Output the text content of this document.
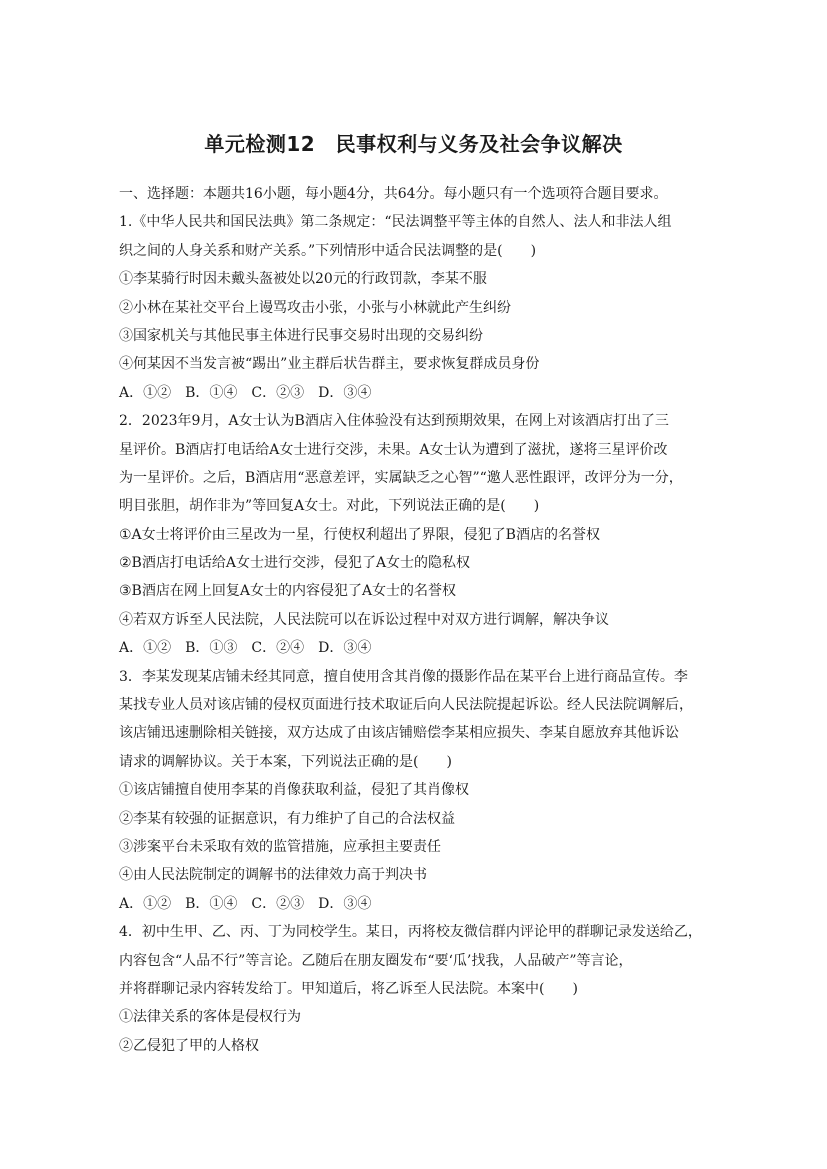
单元检测12　民事权利与义务及社会争议解决
一、选择题：本题共16小题，每小题4分，共64分。每小题只有一个选项符合题目要求。
1.《中华人民共和国民法典》第二条规定：“民法调整平等主体的自然人、法人和非法人组
织之间的人身关系和财产关系。”下列情形中适合民法调整的是(　　)
①李某骑行时因未戴头盔被处以20元的行政罚款，李某不服
②小林在某社交平台上谩骂攻击小张，小张与小林就此产生纠纷
③国家机关与其他民事主体进行民事交易时出现的交易纠纷
④何某因不当发言被“踢出”业主群后状告群主，要求恢复群成员身份
A．①②　B．①④　C．②③　D．③④
2．2023年9月，A女士认为B酒店入住体验没有达到预期效果，在网上对该酒店打出了三
星评价。B酒店打电话给A女士进行交涉，未果。A女士认为遭到了滋扰，遂将三星评价改
为一星评价。之后，B酒店用“恶意差评，实属缺乏之心智”“邀人恶性跟评，改评分为一分，
明目张胆，胡作非为”等回复A女士。对此，下列说法正确的是(　　)
①A女士将评价由三星改为一星，行使权利超出了界限，侵犯了B酒店的名誉权
②B酒店打电话给A女士进行交涉，侵犯了A女士的隐私权
③B酒店在网上回复A女士的内容侵犯了A女士的名誉权
④若双方诉至人民法院，人民法院可以在诉讼过程中对双方进行调解，解决争议
A．①②　B．①③　C．②④　D．③④
3．李某发现某店铺未经其同意，擅自使用含其肖像的摄影作品在某平台上进行商品宣传。李
某找专业人员对该店铺的侵权页面进行技术取证后向人民法院提起诉讼。经人民法院调解后，
该店铺迅速删除相关链接，双方达成了由该店铺赔偿李某相应损失、李某自愿放弃其他诉讼
请求的调解协议。关于本案，下列说法正确的是(　　)
①该店铺擅自使用李某的肖像获取利益，侵犯了其肖像权
②李某有较强的证据意识，有力维护了自己的合法权益
③涉案平台未采取有效的监管措施，应承担主要责任
④由人民法院制定的调解书的法律效力高于判决书
A．①②　B．①④　C．②③　D．③④
4．初中生甲、乙、丙、丁为同校学生。某日，丙将校友微信群内评论甲的群聊记录发送给乙，
内容包含“人品不行”等言论。乙随后在朋友圈发布“要‘瓜’找我，人品破产”等言论，
并将群聊记录内容转发给丁。甲知道后，将乙诉至人民法院。本案中(　　)
①法律关系的客体是侵权行为
②乙侵犯了甲的人格权
